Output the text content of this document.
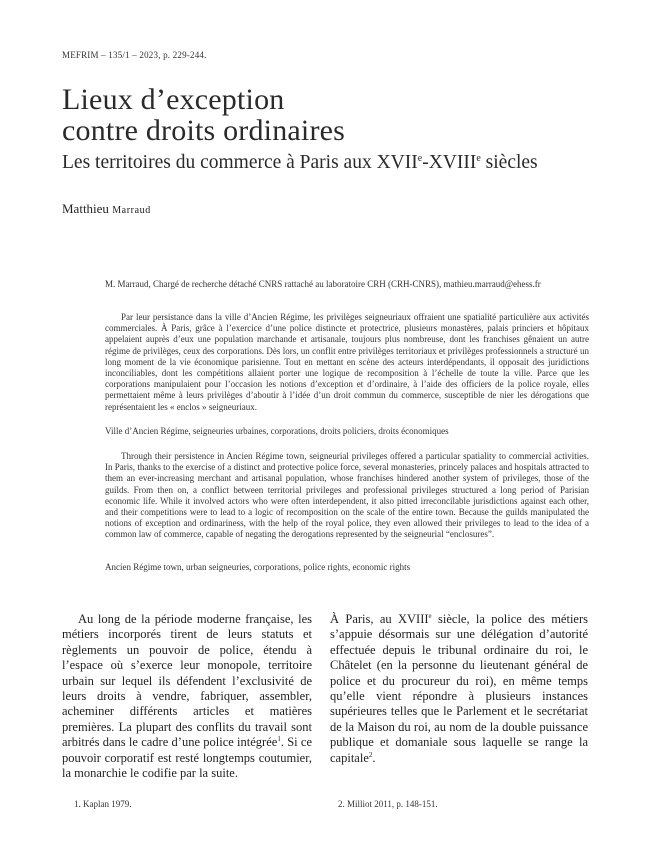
MEFRIM – 135/1 – 2023, p. 229-244.
Lieux d’exception
contre droits ordinaires
Les territoires du commerce à Paris aux XVIIe-XVIIIe siècles
Matthieu Marraud
M. Marraud, Chargé de recherche détaché CNRS rattaché au laboratoire CRH (CRH-CNRS), mathieu.marraud@ehess.fr
Par leur persistance dans la ville d’Ancien Régime, les privilèges seigneuriaux offraient une spatialité particulière aux activités commerciales. À Paris, grâce à l’exercice d’une police distincte et protectrice, plusieurs monastères, palais princiers et hôpitaux appelaient auprès d’eux une population marchande et artisanale, toujours plus nombreuse, dont les franchises gênaient un autre régime de privilèges, ceux des corporations. Dès lors, un conflit entre privilèges territoriaux et privilèges professionnels a structuré un long moment de la vie économique parisienne. Tout en mettant en scène des acteurs interdépendants, il opposait des juridictions inconciliables, dont les compétitions allaient porter une logique de recomposition à l’échelle de toute la ville. Parce que les corporations manipulaient pour l’occasion les notions d’exception et d’ordinaire, à l’aide des officiers de la police royale, elles permettaient même à leurs privilèges d’aboutir à l’idée d’un droit commun du commerce, susceptible de nier les dérogations que représentaient les « enclos » seigneuriaux.
Ville d’Ancien Régime, seigneuries urbaines, corporations, droits policiers, droits économiques
Through their persistence in Ancien Régime town, seigneurial privileges offered a particular spatiality to commercial activities. In Paris, thanks to the exercise of a distinct and protective police force, several monasteries, princely palaces and hospitals attracted to them an ever-increasing merchant and artisanal population, whose franchises hindered another system of privileges, those of the guilds. From then on, a conflict between territorial privileges and professional privileges structured a long period of Parisian economic life. While it involved actors who were often interdependent, it also pitted irreconcilable jurisdictions against each other, and their competitions were to lead to a logic of recomposition on the scale of the entire town. Because the guilds manipulated the notions of exception and ordinariness, with the help of the royal police, they even allowed their privileges to lead to the idea of a common law of commerce, capable of negating the derogations represented by the seigneurial “enclosures”.
Ancien Régime town, urban seigneuries, corporations, police rights, economic rights
Au long de la période moderne française, les métiers incorporés tirent de leurs statuts et règlements un pouvoir de police, étendu à l’espace où s’exerce leur monopole, territoire urbain sur lequel ils défendent l’exclusivité de leurs droits à vendre, fabriquer, assembler, acheminer différents articles et matières premières. La plupart des conflits du travail sont arbitrés dans le cadre d’une police intégrée$^1$. Si ce pouvoir corporatif est resté longtemps coutumier, la monarchie le codifie par la suite.
À Paris, au XVIIIe siècle, la police des métiers s’appuie désormais sur une délégation d’autorité effectuée depuis le tribunal ordinaire du roi, le Châtelet (en la personne du lieutenant général de police et du procureur du roi), en même temps qu’elle vient répondre à plusieurs instances supérieures telles que le Parlement et le secrétariat de la Maison du roi, au nom de la double puissance publique et domaniale sous laquelle se range la capitale$^2$.
1. Kaplan 1979.	2. Milliot 2011, p. 148-151.
